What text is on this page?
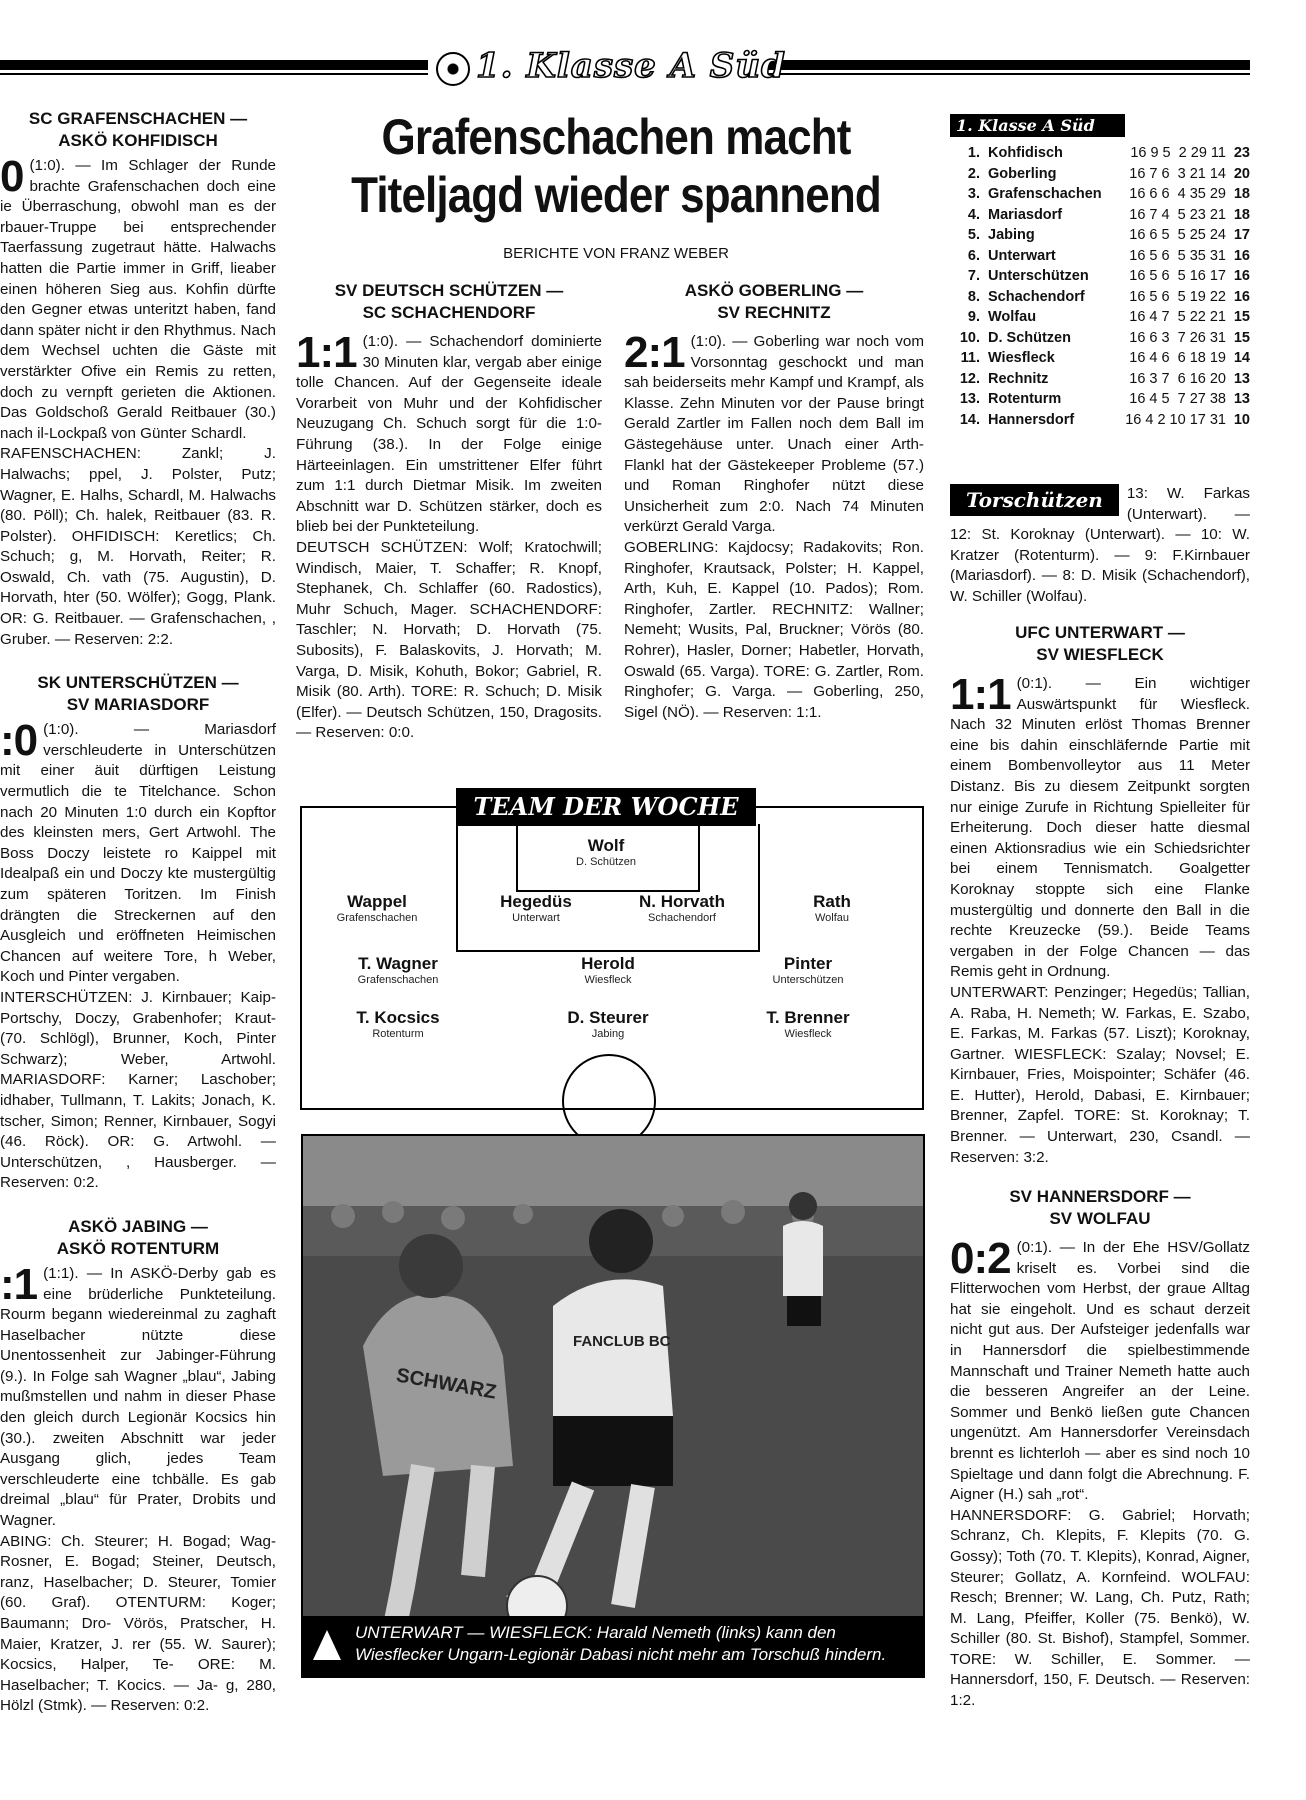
1. Klasse A Süd
Grafenschachen macht
Titeljagd wieder spannend
BERICHTE VON FRANZ WEBER

SC GRAFENSCHACHEN —

ASKÖ KOHFIDISCH

0 (1:0). — Im Schlager der Runde brachte Grafenschachen doch eine ie Überraschung, obwohl man es der rbauer-Truppe bei entsprechender Taerfassung zugetraut hätte. Halwachs hatten die Partie immer in Griff, lieaber einen höheren Sieg aus. Kohfin dürfte den Gegner etwas unteritzt haben, fand dann später nicht ir den Rhythmus. Nach dem Wechsel uchten die Gäste mit verstärkter Ofive ein Remis zu retten, doch zu vernpft gerieten die Aktionen. Das Goldschoß Gerald Reitbauer (30.) nach il-Lockpaß von Günter Schardl.

RAFENSCHACHEN: Zankl; J. Halwachs; ppel, J. Polster, Putz; Wagner, E. Halhs, Schardl, M. Halwachs (80. Pöll); Ch. halek, Reitbauer (83. R. Polster). OHFIDISCH: Keretlics; Ch. Schuch; g, M. Horvath, Reiter; R. Oswald, Ch. vath (75. Augustin), D. Horvath, hter (50. Wölfer); Gogg, Plank. OR: G. Reitbauer. — Grafenschachen, , Gruber. — Reserven: 2:2.

SK UNTERSCHÜTZEN —

SV MARIASDORF

:0 (1:0). — Mariasdorf verschleuderte in Unterschützen mit einer äuit dürftigen Leistung vermutlich die te Titelchance. Schon nach 20 Minuten 1:0 durch ein Kopftor des kleinsten mers, Gert Artwohl. The Boss Doczy leistete ro Kaippel mit Idealpaß ein und Doczy kte mustergültig zum späteren Toritzen. Im Finish drängten die Streckernen auf den Ausgleich und eröffneten Heimischen Chancen auf weitere Tore, h Weber, Koch und Pinter vergaben.

INTERSCHÜTZEN: J. Kirnbauer; Kaip- Portschy, Doczy, Grabenhofer; Kraut- (70. Schlögl), Brunner, Koch, Pinter Schwarz); Weber, Artwohl. MARIASDORF: Karner; Laschober; idhaber, Tullmann, T. Lakits; Jonach, K. tscher, Simon; Renner, Kirnbauer, Sogyi (46. Röck). OR: G. Artwohl. — Unterschützen, , Hausberger. — Reserven: 0:2.

ASKÖ JABING —

ASKÖ ROTENTURM

:1 (1:1). — In ASKÖ-Derby gab es eine brüderliche Punkteteilung. Rourm begann wiedereinmal zu zaghaft Haselbacher nützte diese Unentossenheit zur Jabinger-Führung (9.). In Folge sah Wagner „blau“, Jabing mußmstellen und nahm in dieser Phase den gleich durch Legionär Kocsics hin (30.). zweiten Abschnitt war jeder Ausgang glich, jedes Team verschleuderte eine tchbälle. Es gab dreimal „blau“ für Prater, Drobits und Wagner.

ABING: Ch. Steurer; H. Bogad; Wag- Rosner, E. Bogad; Steiner, Deutsch, ranz, Haselbacher; D. Steurer, Tomier (60. Graf). OTENTURM: Koger; Baumann; Dro- Vörös, Pratscher, H. Maier, Kratzer, J. rer (55. W. Saurer); Kocsics, Halper, Te- ORE: M. Haselbacher; T. Kocics. — Ja- g, 280, Hölzl (Stmk). — Reserven: 0:2.

SV DEUTSCH SCHÜTZEN —

SC SCHACHENDORF

1:1 (1:0). — Schachendorf dominierte 30 Minuten klar, vergab aber einige tolle Chancen. Auf der Gegenseite ideale Vorarbeit von Muhr und der Kohfidischer Neuzugang Ch. Schuch sorgt für die 1:0-Führung (38.). In der Folge einige Härteeinlagen. Ein umstrittener Elfer führt zum 1:1 durch Dietmar Misik. Im zweiten Abschnitt war D. Schützen stärker, doch es blieb bei der Punkteteilung.

DEUTSCH SCHÜTZEN: Wolf; Kratochwill; Windisch, Maier, T. Schaffer; R. Knopf, Stephanek, Ch. Schlaffer (60. Radostics), Muhr Schuch, Mager. SCHACHENDORF: Taschler; N. Horvath; D. Horvath (75. Subosits), F. Balaskovits, J. Horvath; M. Varga, D. Misik, Kohuth, Bokor; Gabriel, R. Misik (80. Arth). TORE: R. Schuch; D. Misik (Elfer). — Deutsch Schützen, 150, Dragosits. — Reserven: 0:0.

ASKÖ GOBERLING —

SV RECHNITZ

2:1 (1:0). — Goberling war noch vom Vorsonntag geschockt und man sah beiderseits mehr Kampf und Krampf, als Klasse. Zehn Minuten vor der Pause bringt Gerald Zartler im Fallen noch dem Ball im Gästegehäuse unter. Unach einer Arth-Flankl hat der Gästekeeper Probleme (57.) und Roman Ringhofer nützt diese Unsicherheit zum 2:0. Nach 74 Minuten verkürzt Gerald Varga.

GOBERLING: Kajdocsy; Radakovits; Ron. Ringhofer, Krautsack, Polster; H. Kappel, Arth, Kuh, E. Kappel (10. Pados); Rom. Ringhofer, Zartler. RECHNITZ: Wallner; Nemeht; Wusits, Pal, Bruckner; Vörös (80. Rohrer), Hasler, Dorner; Habetler, Horvath, Oswald (65. Varga). TORE: G. Zartler, Rom. Ringhofer; G. Varga. — Goberling, 250, Sigel (NÖ). — Reserven: 1:1.

TEAM DER WOCHE
Wolf
D. Schützen
Wappel
Grafenschachen
Hegedüs
Unterwart
N. Horvath
Schachendorf
Rath
Wolfau
T. Wagner
Grafenschachen
Herold
Wiesfleck
Pinter
Unterschützen
T. Kocsics
Rotenturm
D. Steurer
Jabing
T. Brenner
Wiesfleck
SCHWARZ
FANCLUB BC
UNTERWART — WIESFLECK: Harald Nemeth (links) kann den Wiesflecker Ungarn-Legionär Dabasi nicht mehr am Torschuß hindern.
1. Klasse A Süd
1. Kohfidisch	16 9 5  2 29 11 23
2. Goberling	16 7 6  3 21 14 20
3. Grafenschachen	16 6 6  4 35 29 18
4. Mariasdorf	16 7 4  5 23 21 18
5. Jabing	16 6 5  5 25 24 17
6. Unterwart	16 5 6  5 35 31 16
7. Unterschützen	16 5 6  5 16 17 16
8. Schachendorf	16 5 6  5 19 22 16
9. Wolfau	16 4 7  5 22 21 15
10. D. Schützen	16 6 3  7 26 31 15
11. Wiesfleck	16 4 6  6 18 19 14
12. Rechnitz	16 3 7  6 16 20 13
13. Rotenturm	16 4 5  7 27 38 13
14. Hannersdorf	16 4 2 10 17 31 10
Torschützen	13: W. Farkas (Unterwart). — 12: St. Koroknay (Unterwart). — 10: W. Kratzer (Rotenturm). — 9: F.Kirnbauer (Mariasdorf). — 8: D. Misik (Schachendorf), W. Schiller (Wolfau).

UFC UNTERWART —

SV WIESFLECK

1:1 (0:1). — Ein wichtiger Auswärtspunkt für Wiesfleck. Nach 32 Minuten erlöst Thomas Brenner eine bis dahin einschläfernde Partie mit einem Bombenvolleytor aus 11 Meter Distanz. Bis zu diesem Zeitpunkt sorgten nur einige Zurufe in Richtung Spielleiter für Erheiterung. Doch dieser hatte diesmal einen Aktionsradius wie ein Schiedsrichter bei einem Tennismatch. Goalgetter Koroknay stoppte sich eine Flanke mustergültig und donnerte den Ball in die rechte Kreuzecke (59.). Beide Teams vergaben in der Folge Chancen — das Remis geht in Ordnung.

UNTERWART: Penzinger; Hegedüs; Tallian, A. Raba, H. Nemeth; W. Farkas, E. Szabo, E. Farkas, M. Farkas (57. Liszt); Koroknay, Gartner. WIESFLECK: Szalay; Novsel; E. Kirnbauer, Fries, Moispointer; Schäfer (46. E. Hutter), Herold, Dabasi, E. Kirnbauer; Brenner, Zapfel. TORE: St. Koroknay; T. Brenner. — Unterwart, 230, Csandl. — Reserven: 3:2.

SV HANNERSDORF —

SV WOLFAU

0:2 (0:1). — In der Ehe HSV/Gollatz kriselt es. Vorbei sind die Flitterwochen vom Herbst, der graue Alltag hat sie eingeholt. Und es schaut derzeit nicht gut aus. Der Aufsteiger jedenfalls war in Hannersdorf die spielbestimmende Mannschaft und Trainer Nemeth hatte auch die besseren Angreifer an der Leine. Sommer und Benkö ließen gute Chancen ungenützt. Am Hannersdorfer Vereinsdach brennt es lichterloh — aber es sind noch 10 Spieltage und dann folgt die Abrechnung. F. Aigner (H.) sah „rot“.

HANNERSDORF: G. Gabriel; Horvath; Schranz, Ch. Klepits, F. Klepits (70. G. Gossy); Toth (70. T. Klepits), Konrad, Aigner, Steurer; Gollatz, A. Kornfeind. WOLFAU: Resch; Brenner; W. Lang, Ch. Putz, Rath; M. Lang, Pfeiffer, Koller (75. Benkö), W. Schiller (80. St. Bishof), Stampfel, Sommer. TORE: W. Schiller, E. Sommer. — Hannersdorf, 150, F. Deutsch. — Reserven: 1:2.
